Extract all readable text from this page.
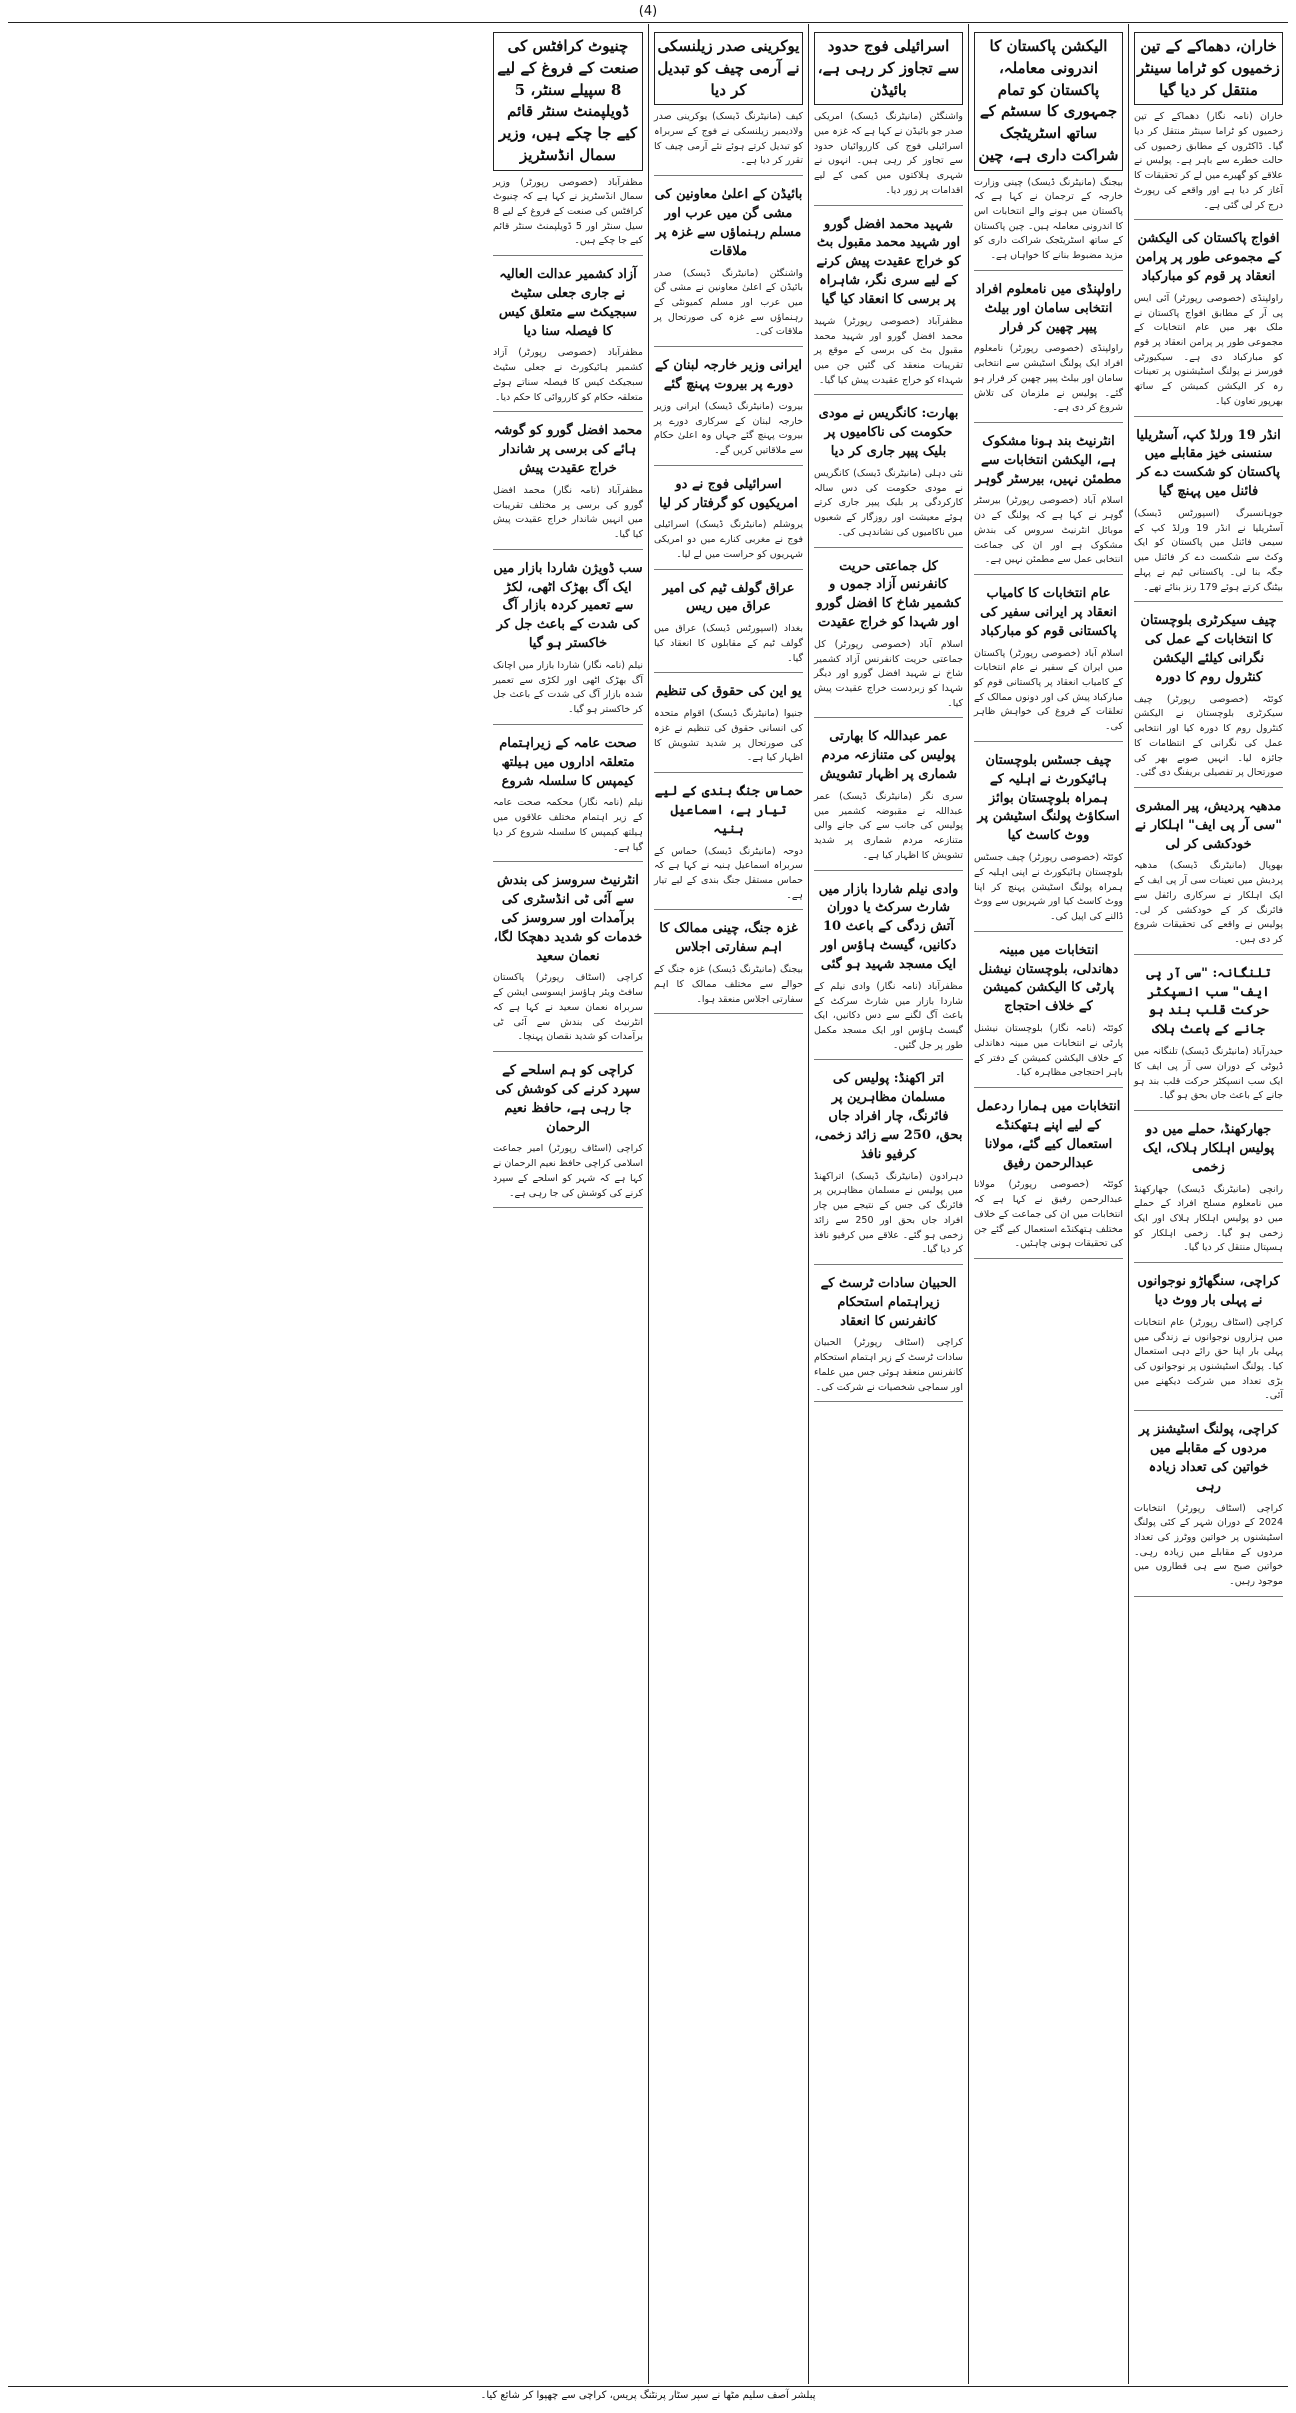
(4)
خاران، دھماکے کے تین زخمیوں کو ٹراما سینٹر منتقل کر دیا گیا
خاران (نامہ نگار) دھماکے کے تین زخمیوں کو ٹراما سینٹر منتقل کر دیا گیا۔ ڈاکٹروں کے مطابق زخمیوں کی حالت خطرے سے باہر ہے۔ پولیس نے علاقے کو گھیرے میں لے کر تحقیقات کا آغاز کر دیا ہے اور واقعے کی رپورٹ درج کر لی گئی ہے۔
افواج پاکستان کی الیکشن کے مجموعی طور پر پرامن انعقاد پر قوم کو مبارکباد
راولپنڈی (خصوصی رپورٹر) آئی ایس پی آر کے مطابق افواج پاکستان نے ملک بھر میں عام انتخابات کے مجموعی طور پر پرامن انعقاد پر قوم کو مبارکباد دی ہے۔ سیکیورٹی فورسز نے پولنگ اسٹیشنوں پر تعینات رہ کر الیکشن کمیشن کے ساتھ بھرپور تعاون کیا۔
انڈر 19 ورلڈ کپ، آسٹریلیا سنسنی خیز مقابلے میں پاکستان کو شکست دے کر فائنل میں پہنچ گیا
جوہانسبرگ (اسپورٹس ڈیسک) آسٹریلیا نے انڈر 19 ورلڈ کپ کے سیمی فائنل میں پاکستان کو ایک وکٹ سے شکست دے کر فائنل میں جگہ بنا لی۔ پاکستانی ٹیم نے پہلے بیٹنگ کرتے ہوئے 179 رنز بنائے تھے۔
چیف سیکرٹری بلوچستان کا انتخابات کے عمل کی نگرانی کیلئے الیکشن کنٹرول روم کا دورہ
کوئٹہ (خصوصی رپورٹر) چیف سیکرٹری بلوچستان نے الیکشن کنٹرول روم کا دورہ کیا اور انتخابی عمل کی نگرانی کے انتظامات کا جائزہ لیا۔ انہیں صوبے بھر کی صورتحال پر تفصیلی بریفنگ دی گئی۔
مدھیہ پردیش، پیر المشری "سی آر پی ایف" اہلکار نے خودکشی کر لی
بھوپال (مانیٹرنگ ڈیسک) مدھیہ پردیش میں تعینات سی آر پی ایف کے ایک اہلکار نے سرکاری رائفل سے فائرنگ کر کے خودکشی کر لی۔ پولیس نے واقعے کی تحقیقات شروع کر دی ہیں۔
تلنگانہ: "سی آر پی ایف" سب انسپکٹر حرکت قلب بند ہو جانے کے باعث ہلاک
حیدرآباد (مانیٹرنگ ڈیسک) تلنگانہ میں ڈیوٹی کے دوران سی آر پی ایف کا ایک سب انسپکٹر حرکت قلب بند ہو جانے کے باعث جاں بحق ہو گیا۔
جھارکھنڈ، حملے میں دو پولیس اہلکار ہلاک، ایک زخمی
رانچی (مانیٹرنگ ڈیسک) جھارکھنڈ میں نامعلوم مسلح افراد کے حملے میں دو پولیس اہلکار ہلاک اور ایک زخمی ہو گیا۔ زخمی اہلکار کو ہسپتال منتقل کر دیا گیا۔
کراچی، سنگھاڑو نوجوانوں نے پہلی بار ووٹ دیا
کراچی (اسٹاف رپورٹر) عام انتخابات میں ہزاروں نوجوانوں نے زندگی میں پہلی بار اپنا حق رائے دہی استعمال کیا۔ پولنگ اسٹیشنوں پر نوجوانوں کی بڑی تعداد میں شرکت دیکھنے میں آئی۔
کراچی، پولنگ اسٹیشنز پر مردوں کے مقابلے میں خواتین کی تعداد زیادہ رہی
کراچی (اسٹاف رپورٹر) انتخابات 2024 کے دوران شہر کے کئی پولنگ اسٹیشنوں پر خواتین ووٹرز کی تعداد مردوں کے مقابلے میں زیادہ رہی۔ خواتین صبح سے ہی قطاروں میں موجود رہیں۔
الیکشن پاکستان کا اندرونی معاملہ، پاکستان کو تمام جمہوری کا سسٹم کے ساتھ اسٹریٹجک شراکت داری ہے، چین
بیجنگ (مانیٹرنگ ڈیسک) چینی وزارت خارجہ کے ترجمان نے کہا ہے کہ پاکستان میں ہونے والے انتخابات اس کا اندرونی معاملہ ہیں۔ چین پاکستان کے ساتھ اسٹریٹجک شراکت داری کو مزید مضبوط بنانے کا خواہاں ہے۔
راولپنڈی میں نامعلوم افراد انتخابی سامان اور بیلٹ پیپر چھین کر فرار
راولپنڈی (خصوصی رپورٹر) نامعلوم افراد ایک پولنگ اسٹیشن سے انتخابی سامان اور بیلٹ پیپر چھین کر فرار ہو گئے۔ پولیس نے ملزمان کی تلاش شروع کر دی ہے۔
انٹرنیٹ بند ہونا مشکوک ہے، الیکشن انتخابات سے مطمئن نہیں، بیرسٹر گوہر
اسلام آباد (خصوصی رپورٹر) بیرسٹر گوہر نے کہا ہے کہ پولنگ کے دن موبائل انٹرنیٹ سروس کی بندش مشکوک ہے اور ان کی جماعت انتخابی عمل سے مطمئن نہیں ہے۔
عام انتخابات کا کامیاب انعقاد پر ایرانی سفیر کی پاکستانی قوم کو مبارکباد
اسلام آباد (خصوصی رپورٹر) پاکستان میں ایران کے سفیر نے عام انتخابات کے کامیاب انعقاد پر پاکستانی قوم کو مبارکباد پیش کی اور دونوں ممالک کے تعلقات کے فروغ کی خواہش ظاہر کی۔
چیف جسٹس بلوچستان ہائیکورٹ نے اہلیہ کے ہمراہ بلوچستان بوائز اسکاؤٹ پولنگ اسٹیشن پر ووٹ کاسٹ کیا
کوئٹہ (خصوصی رپورٹر) چیف جسٹس بلوچستان ہائیکورٹ نے اپنی اہلیہ کے ہمراہ پولنگ اسٹیشن پہنچ کر اپنا ووٹ کاسٹ کیا اور شہریوں سے ووٹ ڈالنے کی اپیل کی۔
انتخابات میں مبینہ دھاندلی، بلوچستان نیشنل پارٹی کا الیکشن کمیشن کے خلاف احتجاج
کوئٹہ (نامہ نگار) بلوچستان نیشنل پارٹی نے انتخابات میں مبینہ دھاندلی کے خلاف الیکشن کمیشن کے دفتر کے باہر احتجاجی مظاہرہ کیا۔
انتخابات میں ہمارا ردعمل کے لیے اپنے ہتھکنڈے استعمال کیے گئے، مولانا عبدالرحمن رفیق
کوئٹہ (خصوصی رپورٹر) مولانا عبدالرحمن رفیق نے کہا ہے کہ انتخابات میں ان کی جماعت کے خلاف مختلف ہتھکنڈے استعمال کیے گئے جن کی تحقیقات ہونی چاہئیں۔
اسرائیلی فوج حدود سے تجاوز کر رہی ہے، بائیڈن
واشنگٹن (مانیٹرنگ ڈیسک) امریکی صدر جو بائیڈن نے کہا ہے کہ غزہ میں اسرائیلی فوج کی کارروائیاں حدود سے تجاوز کر رہی ہیں۔ انہوں نے شہری ہلاکتوں میں کمی کے لیے اقدامات پر زور دیا۔
شہید محمد افضل گورو اور شہید محمد مقبول بٹ کو خراج عقیدت پیش کرنے کے لیے سری نگر، شاہراہ پر برسی کا انعقاد کیا گیا
مظفرآباد (خصوصی رپورٹر) شہید محمد افضل گورو اور شہید محمد مقبول بٹ کی برسی کے موقع پر تقریبات منعقد کی گئیں جن میں شہداء کو خراج عقیدت پیش کیا گیا۔
بھارت: کانگریس نے مودی حکومت کی ناکامیوں پر بلیک پیپر جاری کر دیا
نئی دہلی (مانیٹرنگ ڈیسک) کانگریس نے مودی حکومت کی دس سالہ کارکردگی پر بلیک پیپر جاری کرتے ہوئے معیشت اور روزگار کے شعبوں میں ناکامیوں کی نشاندہی کی۔
کل جماعتی حریت کانفرنس آزاد جموں و کشمیر شاخ کا افضل گورو اور شہدا کو خراج عقیدت
اسلام آباد (خصوصی رپورٹر) کل جماعتی حریت کانفرنس آزاد کشمیر شاخ نے شہید افضل گورو اور دیگر شہدا کو زبردست خراج عقیدت پیش کیا۔
عمر عبداللہ کا بھارتی پولیس کی متنازعہ مردم شماری پر اظہار تشویش
سری نگر (مانیٹرنگ ڈیسک) عمر عبداللہ نے مقبوضہ کشمیر میں پولیس کی جانب سے کی جانے والی متنازعہ مردم شماری پر شدید تشویش کا اظہار کیا ہے۔
وادی نیلم شاردا بازار میں شارٹ سرکٹ یا دوران آتش زدگی کے باعث 10 دکانیں، گیسٹ ہاؤس اور ایک مسجد شہید ہو گئی
مظفرآباد (نامہ نگار) وادی نیلم کے شاردا بازار میں شارٹ سرکٹ کے باعث آگ لگنے سے دس دکانیں، ایک گیسٹ ہاؤس اور ایک مسجد مکمل طور پر جل گئیں۔
اتر اکھنڈ: پولیس کی مسلمان مظاہرین پر فائرنگ، چار افراد جاں بحق، 250 سے زائد زخمی، کرفیو نافذ
دہرادون (مانیٹرنگ ڈیسک) اتراکھنڈ میں پولیس نے مسلمان مظاہرین پر فائرنگ کی جس کے نتیجے میں چار افراد جاں بحق اور 250 سے زائد زخمی ہو گئے۔ علاقے میں کرفیو نافذ کر دیا گیا۔
الحبیان سادات ٹرسٹ کے زیراہتمام استحکام کانفرنس کا انعقاد
کراچی (اسٹاف رپورٹر) الحبیان سادات ٹرسٹ کے زیر اہتمام استحکام کانفرنس منعقد ہوئی جس میں علماء اور سماجی شخصیات نے شرکت کی۔
یوکرینی صدر زیلنسکی نے آرمی چیف کو تبدیل کر دیا
کیف (مانیٹرنگ ڈیسک) یوکرینی صدر ولادیمیر زیلنسکی نے فوج کے سربراہ کو تبدیل کرتے ہوئے نئے آرمی چیف کا تقرر کر دیا ہے۔
بائیڈن کے اعلیٰ معاونین کی مشی گن میں عرب اور مسلم رہنماؤں سے غزہ پر ملاقات
واشنگٹن (مانیٹرنگ ڈیسک) صدر بائیڈن کے اعلیٰ معاونین نے مشی گن میں عرب اور مسلم کمیونٹی کے رہنماؤں سے غزہ کی صورتحال پر ملاقات کی۔
ایرانی وزیر خارجہ لبنان کے دورے پر بیروت پہنچ گئے
بیروت (مانیٹرنگ ڈیسک) ایرانی وزیر خارجہ لبنان کے سرکاری دورے پر بیروت پہنچ گئے جہاں وہ اعلیٰ حکام سے ملاقاتیں کریں گے۔
اسرائیلی فوج نے دو امریکیوں کو گرفتار کر لیا
یروشلم (مانیٹرنگ ڈیسک) اسرائیلی فوج نے مغربی کنارے میں دو امریکی شہریوں کو حراست میں لے لیا۔
عراق گولف ٹیم کی امیر عراق میں ریس
بغداد (اسپورٹس ڈیسک) عراق میں گولف ٹیم کے مقابلوں کا انعقاد کیا گیا۔
یو این کی حقوق کی تنظیم
جنیوا (مانیٹرنگ ڈیسک) اقوام متحدہ کی انسانی حقوق کی تنظیم نے غزہ کی صورتحال پر شدید تشویش کا اظہار کیا ہے۔
حماس جنگ بندی کے لیے تیار ہے، اسماعیل ہنیہ
دوحہ (مانیٹرنگ ڈیسک) حماس کے سربراہ اسماعیل ہنیہ نے کہا ہے کہ حماس مستقل جنگ بندی کے لیے تیار ہے۔
غزہ جنگ، چینی ممالک کا اہم سفارتی اجلاس
بیجنگ (مانیٹرنگ ڈیسک) غزہ جنگ کے حوالے سے مختلف ممالک کا اہم سفارتی اجلاس منعقد ہوا۔
چنیوٹ کرافٹس کی صنعت کے فروغ کے لیے 8 سپیلے سنٹر، 5 ڈویلپمنٹ سنٹر قائم کیے جا چکے ہیں، وزیر سمال انڈسٹریز
مظفرآباد (خصوصی رپورٹر) وزیر سمال انڈسٹریز نے کہا ہے کہ چنیوٹ کرافٹس کی صنعت کے فروغ کے لیے 8 سیل سنٹر اور 5 ڈویلپمنٹ سنٹر قائم کیے جا چکے ہیں۔
آزاد کشمیر عدالت العالیہ نے جاری جعلی سٹیٹ سبجیکٹ سے متعلق کیس کا فیصلہ سنا دیا
مظفرآباد (خصوصی رپورٹر) آزاد کشمیر ہائیکورٹ نے جعلی سٹیٹ سبجیکٹ کیس کا فیصلہ سناتے ہوئے متعلقہ حکام کو کارروائی کا حکم دیا۔
محمد افضل گورو کو گوشہ ہائے کی برسی پر شاندار خراج عقیدت پیش
مظفرآباد (نامہ نگار) محمد افضل گورو کی برسی پر مختلف تقریبات میں انہیں شاندار خراج عقیدت پیش کیا گیا۔
سب ڈویژن شاردا بازار میں ایک آگ بھڑک اٹھی، لکڑ سے تعمیر کردہ بازار آگ کی شدت کے باعث جل کر خاکستر ہو گیا
نیلم (نامہ نگار) شاردا بازار میں اچانک آگ بھڑک اٹھی اور لکڑی سے تعمیر شدہ بازار آگ کی شدت کے باعث جل کر خاکستر ہو گیا۔
صحت عامہ کے زیراہتمام متعلقہ اداروں میں ہیلتھ کیمپس کا سلسلہ شروع
نیلم (نامہ نگار) محکمہ صحت عامہ کے زیر اہتمام مختلف علاقوں میں ہیلتھ کیمپس کا سلسلہ شروع کر دیا گیا ہے۔
انٹرنیٹ سروسز کی بندش سے آئی ٹی انڈسٹری کی برآمدات اور سروسز کی خدمات کو شدید دھچکا لگا، نعمان سعید
کراچی (اسٹاف رپورٹر) پاکستان سافٹ ویئر ہاؤسز ایسوسی ایشن کے سربراہ نعمان سعید نے کہا ہے کہ انٹرنیٹ کی بندش سے آئی ٹی برآمدات کو شدید نقصان پہنچا۔
کراچی کو ہم اسلحے کے سپرد کرنے کی کوشش کی جا رہی ہے، حافظ نعیم الرحمان
کراچی (اسٹاف رپورٹر) امیر جماعت اسلامی کراچی حافظ نعیم الرحمان نے کہا ہے کہ شہر کو اسلحے کے سپرد کرنے کی کوشش کی جا رہی ہے۔
پبلشر آصف سلیم مٹھا نے سپر سٹار پرنٹنگ پریس، کراچی سے چھپوا کر شائع کیا۔
